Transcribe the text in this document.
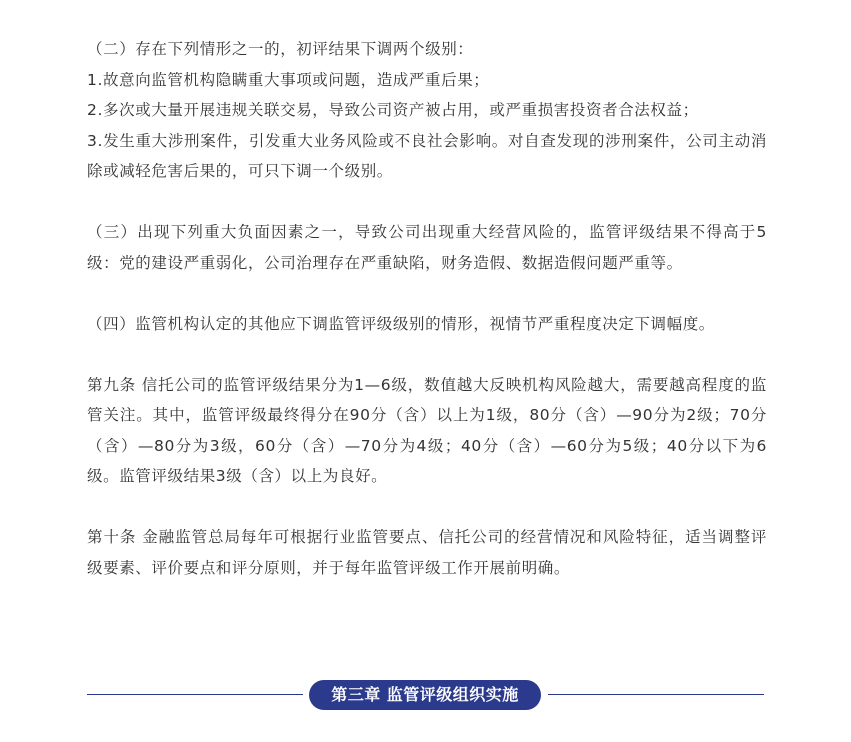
（二）存在下列情形之一的，初评结果下调两个级别：

1.故意向监管机构隐瞒重大事项或问题，造成严重后果；

2.多次或大量开展违规关联交易，导致公司资产被占用，或严重损害投资者合法权益；

3.发生重大涉刑案件，引发重大业务风险或不良社会影响。对自查发现的涉刑案件，公司主动消除或减轻危害后果的，可只下调一个级别。

（三）出现下列重大负面因素之一，导致公司出现重大经营风险的，监管评级结果不得高于5级：党的建设严重弱化，公司治理存在严重缺陷，财务造假、数据造假问题严重等。

（四）监管机构认定的其他应下调监管评级级别的情形，视情节严重程度决定下调幅度。

第九条 信托公司的监管评级结果分为1—6级，数值越大反映机构风险越大，需要越高程度的监管关注。其中，监管评级最终得分在90分（含）以上为1级，80分（含）—90分为2级；70分（含）—80分为3级，60分（含）—70分为4级；40分（含）—60分为5级；40分以下为6级。监管评级结果3级（含）以上为良好。

第十条 金融监管总局每年可根据行业监管要点、信托公司的经营情况和风险特征，适当调整评级要素、评价要点和评分原则，并于每年监管评级工作开展前明确。

第三章 监管评级组织实施
